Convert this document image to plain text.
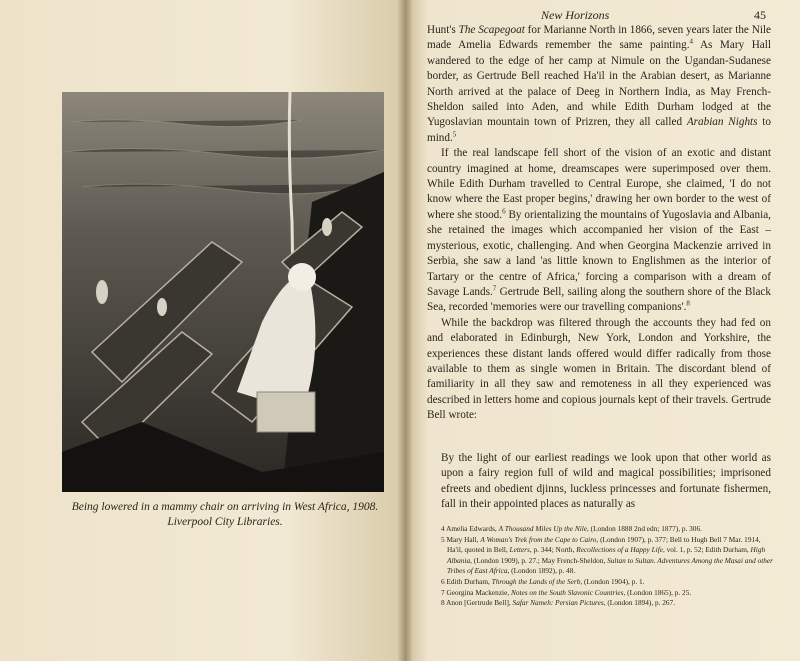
Being lowered in a mammy chair on arriving in West Africa, 1908.
Liverpool City Libraries.
New Horizons	45

Hunt's The Scapegoat for Marianne North in 1866, seven years later the Nile made Amelia Edwards remember the same painting.$^4$ As Mary Hall wandered to the edge of her camp at Nimule on the Ugandan-Sudanese border, as Gertrude Bell reached Ha'il in the Arabian desert, as Marianne North arrived at the palace of Deeg in Northern India, as May French-Sheldon sailed into Aden, and while Edith Durham lodged at the Yugoslavian mountain town of Prizren, they all called Arabian Nights to mind.$^5$

If the real landscape fell short of the vision of an exotic and distant country imagined at home, dreamscapes were superimposed over them. While Edith Durham travelled to Central Europe, she claimed, 'I do not know where the East proper begins,' drawing her own border to the west of where she stood.$^6$ By orientalizing the mountains of Yugoslavia and Albania, she retained the images which accompanied her vision of the East – mysterious, exotic, challenging. And when Georgina Mackenzie arrived in Serbia, she saw a land 'as little known to Englishmen as the interior of Tartary or the centre of Africa,' forcing a comparison with a dream of Savage Lands.$^7$ Gertrude Bell, sailing along the southern shore of the Black Sea, recorded 'memories were our travelling companions'.$^8$

While the backdrop was filtered through the accounts they had fed on and elaborated in Edinburgh, New York, London and Yorkshire, the experiences these distant lands offered would differ radically from those available to them as single women in Britain. The discordant blend of familiarity in all they saw and remoteness in all they experienced was described in letters home and copious journals kept of their travels. Gertrude Bell wrote:

By the light of our earliest readings we look upon that other world as upon a fairy region full of wild and magical possibilities; imprisoned efreets and obedient djinns, luckless princesses and fortunate fishermen, fall in their appointed places as naturally as
4 Amelia Edwards, A Thousand Miles Up the Nile, (London 1888 2nd edn; 1877), p. 306.
5 Mary Hall, A Woman's Trek from the Cape to Cairo, (London 1907), p. 377; Bell to Hugh Bell 7 Mar. 1914, Ha'il, quoted in Bell, Letters, p. 344; North, Recollections of a Happy Life, vol. 1, p. 52; Edith Durham, High Albania, (London 1909), p. 27.; May French-Sheldon, Sultan to Sultan. Adventures Among the Masai and other Tribes of East Africa, (London 1892), p. 48.
6 Edith Durham, Through the Lands of the Serb, (London 1904), p. 1.
7 Georgina Mackenzie, Notes on the South Slavonic Countries, (London 1865), p. 25.
8 Anon [Gertrude Bell], Safar Nameh: Persian Pictures, (London 1894), p. 267.
